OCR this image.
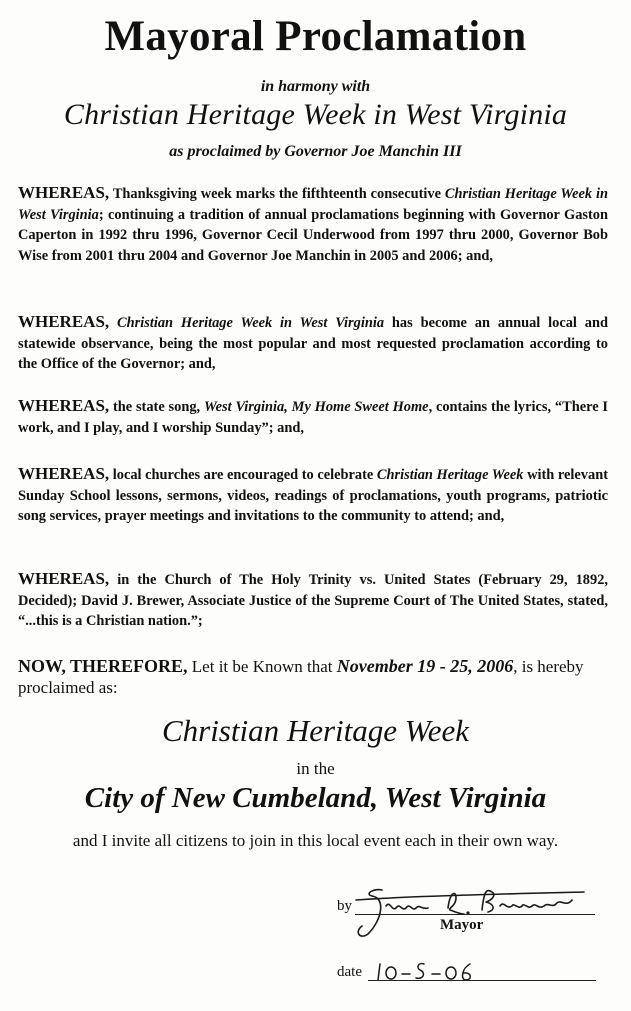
Mayoral Proclamation
in harmony with
Christian Heritage Week in West Virginia
as proclaimed by Governor Joe Manchin III

WHEREAS, Thanksgiving week marks the fifthteenth consecutive Christian Heritage Week in West Virginia; continuing a tradition of annual proclamations beginning with Governor Gaston Caperton in 1992 thru 1996, Governor Cecil Underwood from 1997 thru 2000, Governor Bob Wise from 2001 thru 2004 and Governor Joe Manchin in 2005 and 2006; and,

WHEREAS, Christian Heritage Week in West Virginia has become an annual local and statewide observance, being the most popular and most requested proclamation according to the Office of the Governor; and,

WHEREAS, the state song, West Virginia, My Home Sweet Home, contains the lyrics, “There I work, and I play, and I worship Sunday”; and,

WHEREAS, local churches are encouraged to celebrate Christian Heritage Week with relevant Sunday School lessons, sermons, videos, readings of proclamations, youth programs, patriotic song services, prayer meetings and invitations to the community to attend; and,

WHEREAS, in the Church of The Holy Trinity vs. United States (February 29, 1892, Decided); David J. Brewer, Associate Justice of the Supreme Court of The United States, stated, “...this is a Christian nation.”;

NOW, THEREFORE, Let it be Known that November 19 - 25, 2006, is hereby proclaimed as:

Christian Heritage Week
in the
City of New Cumbeland, West Virginia
and I invite all citizens to join in this local event each in their own way.
by
Mayor
date
